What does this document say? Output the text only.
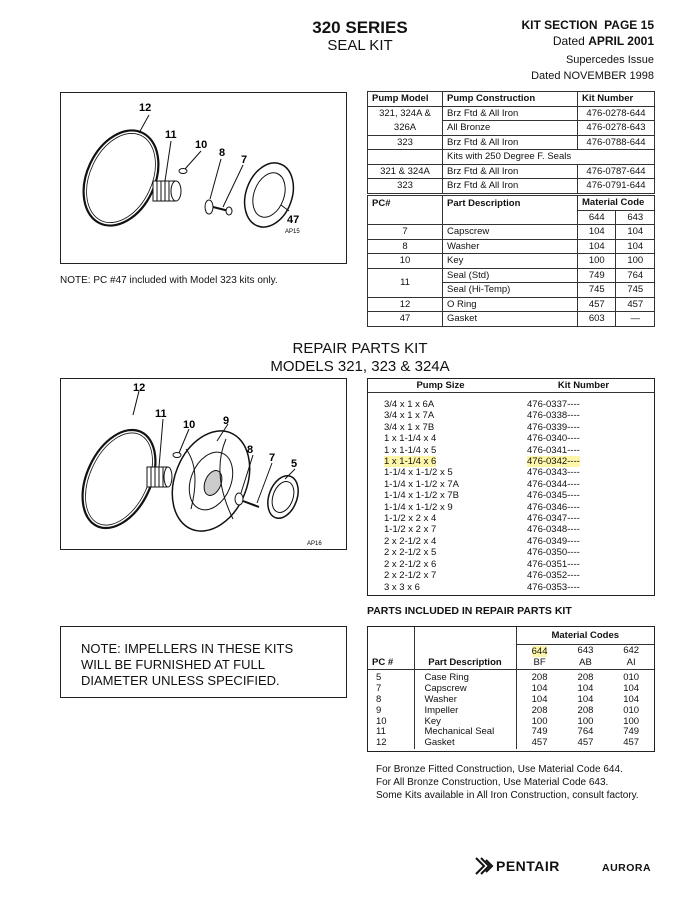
320 SERIES
SEAL KIT
KIT SECTION PAGE 15
Dated APRIL 2001
Supercedes Issue
Dated NOVEMBER 1998
12
11
10
8
7
47
AP15
NOTE: PC #47 included with Model 323 kits only.
Pump Model	Pump Construction	Kit Number
321, 324A &	Brz Ftd & All Iron	476-0278-644
326A	All Bronze	476-0278-643
323	Brz Ftd & All Iron	476-0788-644
	Kits with 250 Degree F. Seals	
321 & 324A	Brz Ftd & All Iron	476-0787-644
323	Brz Ftd & All Iron	476-0791-644
PC#	Part Description	Material Code	
		644	643
7	Capscrew	104	104
8	Washer	104	104
10	Key	100	100
11	Seal (Std)	749	764
	Seal (Hi-Temp)	745	745
12	O Ring	457	457
47	Gasket	603	—
REPAIR PARTS KIT
MODELS 321, 323 & 324A
12
11
10	9
8
7 5
AP16
Pump Size	Kit Number
3/4 x 1 x 6A	476-0337----
3/4 x 1 x 7A	476-0338----
3/4 x 1 x 7B	476-0339----
1 x 1-1/4 x 4	476-0340----
1 x 1-1/4 x 5	476-0341----
1 x 1-1/4 x 6	476-0342----
1-1/4 x 1-1/2 x 5	476-0343----
1-1/4 x 1-1/2 x 7A	476-0344----
1-1/4 x 1-1/2 x 7B	476-0345----
1-1/4 x 1-1/2 x 9	476-0346----
1-1/2 x 2 x 4	476-0347----
1-1/2 x 2 x 7	476-0348----
2 x 2-1/2 x 4	476-0349----
2 x 2-1/2 x 5	476-0350----
2 x 2-1/2 x 6	476-0351----
2 x 2-1/2 x 7	476-0352----
3 x 3 x 6	476-0353----
PARTS INCLUDED IN REPAIR PARTS KIT
NOTE: IMPELLERS IN THESE KITS WILL BE FURNISHED AT FULL DIAMETER UNLESS SPECIFIED.
		Material Codes		
		644	643	642
PC #	Part Description	BF	AB	AI
5	Case Ring	208	208	010
7	Capscrew	104	104	104
8	Washer	104	104	104
9	Impeller	208	208	010
10	Key	100	100	100
11	Mechanical Seal	749	764	749
12	Gasket	457	457	457
For Bronze Fitted Construction, Use Material Code 644.
For All Bronze Construction, Use Material Code 643.
Some Kits available in All Iron Construction, consult factory.
PENTAIR	AURORA
